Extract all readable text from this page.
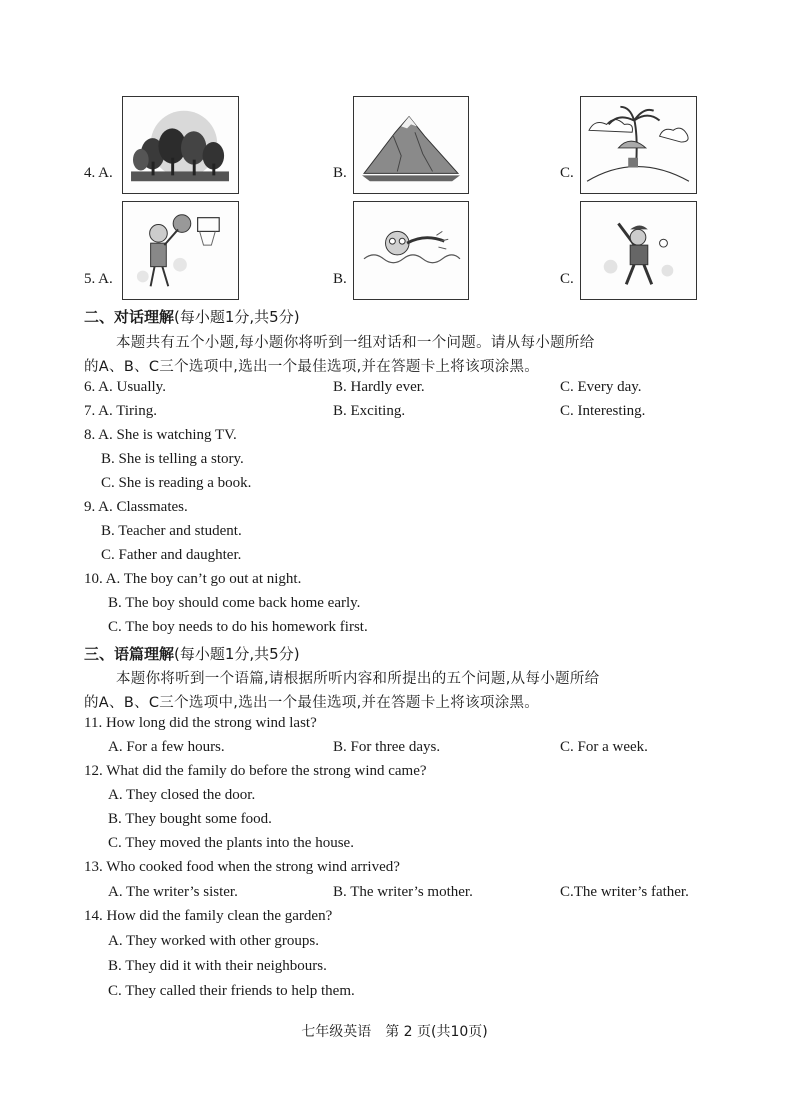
4. A.	B.	C.
5. A.	B.	C.
二、对话理解(每小题1分,共5分)
本题共有五个小题,每小题你将听到一组对话和一个问题。请从每小题所给
的A、B、C三个选项中,选出一个最佳选项,并在答题卡上将该项涂黑。
6. A. Usually.	B. Hardly ever.	C. Every day.
7. A. Tiring.	B. Exciting.	C. Interesting.
8. A. She is watching TV.
B. She is telling a story.
C. She is reading a book.
9. A. Classmates.
B. Teacher and student.
C. Father and daughter.
10. A. The boy can’t go out at night.
B. The boy should come back home early.
C. The boy needs to do his homework first.
三、语篇理解(每小题1分,共5分)
本题你将听到一个语篇,请根据所听内容和所提出的五个问题,从每小题所给
的A、B、C三个选项中,选出一个最佳选项,并在答题卡上将该项涂黑。
11. How long did the strong wind last?
A. For a few hours.	B. For three days.	C. For a week.
12. What did the family do before the strong wind came?
A. They closed the door.
B. They bought some food.
C. They moved the plants into the house.
13. Who cooked food when the strong wind arrived?
A. The writer’s sister.	B. The writer’s mother.	C.The writer’s father.
14. How did the family clean the garden?
A. They worked with other groups.
B. They did it with their neighbours.
C. They called their friends to help them.
七年级英语　第 2 页(共10页)
